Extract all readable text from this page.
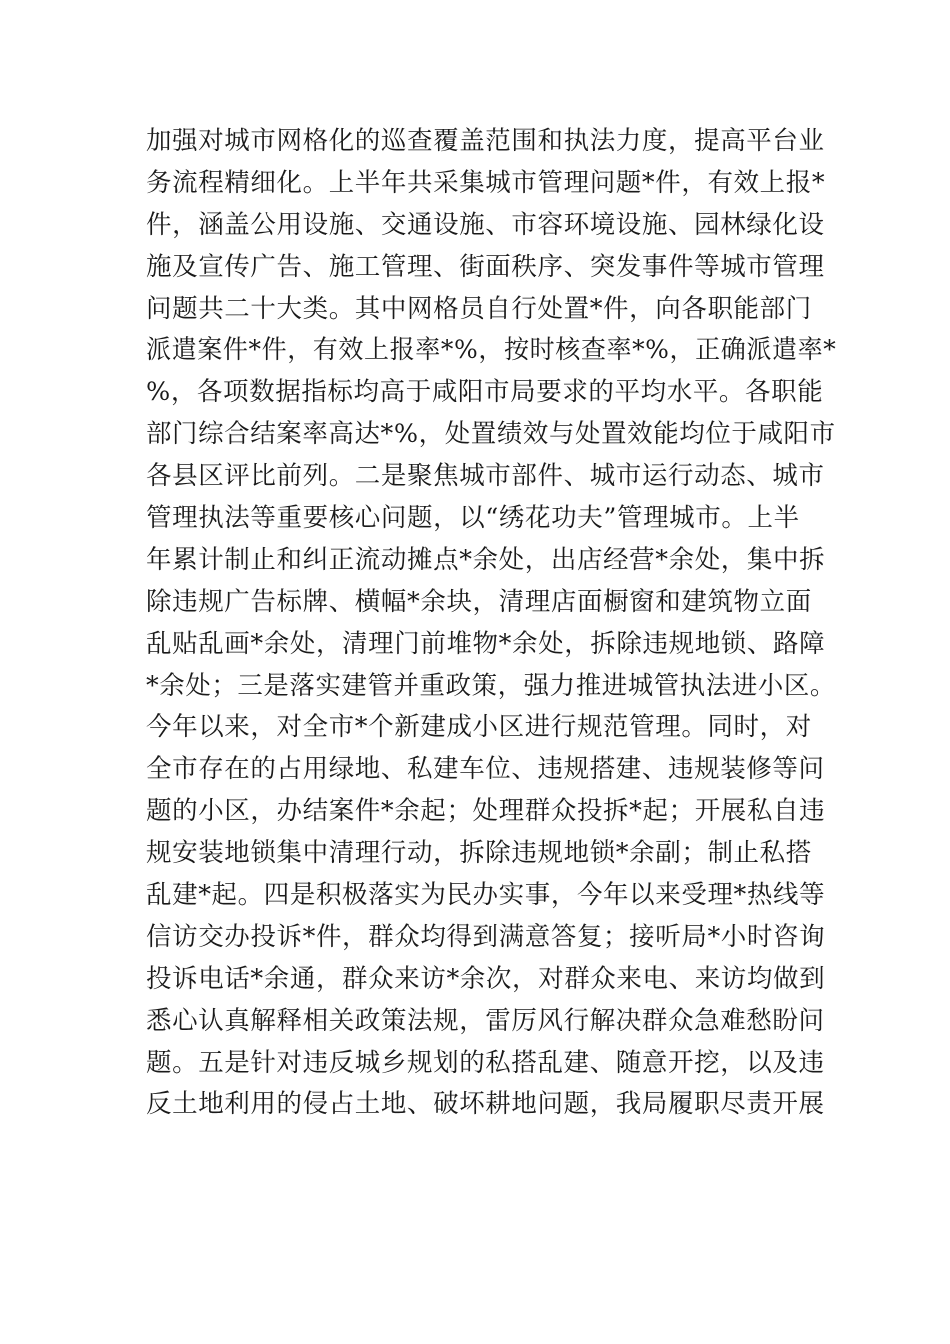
加强对城市网格化的巡查覆盖范围和执法力度，提高平台业
务流程精细化。上半年共采集城市管理问题*件，有效上报*
件，涵盖公用设施、交通设施、市容环境设施、园林绿化设
施及宣传广告、施工管理、街面秩序、突发事件等城市管理
问题共二十大类。其中网格员自行处置*件，向各职能部门
派遣案件*件，有效上报率*%，按时核查率*%，正确派遣率*
%，各项数据指标均高于咸阳市局要求的平均水平。各职能
部门综合结案率高达*%，处置绩效与处置效能均位于咸阳市
各县区评比前列。二是聚焦城市部件、城市运行动态、城市
管理执法等重要核心问题，以“绣花功夫”管理城市。上半
年累计制止和纠正流动摊点*余处，出店经营*余处，集中拆
除违规广告标牌、横幅*余块，清理店面橱窗和建筑物立面
乱贴乱画*余处，清理门前堆物*余处，拆除违规地锁、路障
*余处；三是落实建管并重政策，强力推进城管执法进小区。
今年以来，对全市*个新建成小区进行规范管理。同时，对
全市存在的占用绿地、私建车位、违规搭建、违规装修等问
题的小区，办结案件*余起；处理群众投拆*起；开展私自违
规安装地锁集中清理行动，拆除违规地锁*余副；制止私搭
乱建*起。四是积极落实为民办实事，今年以来受理*热线等
信访交办投诉*件，群众均得到满意答复；接听局*小时咨询
投诉电话*余通，群众来访*余次，对群众来电、来访均做到
悉心认真解释相关政策法规，雷厉风行解决群众急难愁盼问
题。五是针对违反城乡规划的私搭乱建、随意开挖，以及违
反土地利用的侵占土地、破坏耕地问题，我局履职尽责开展
